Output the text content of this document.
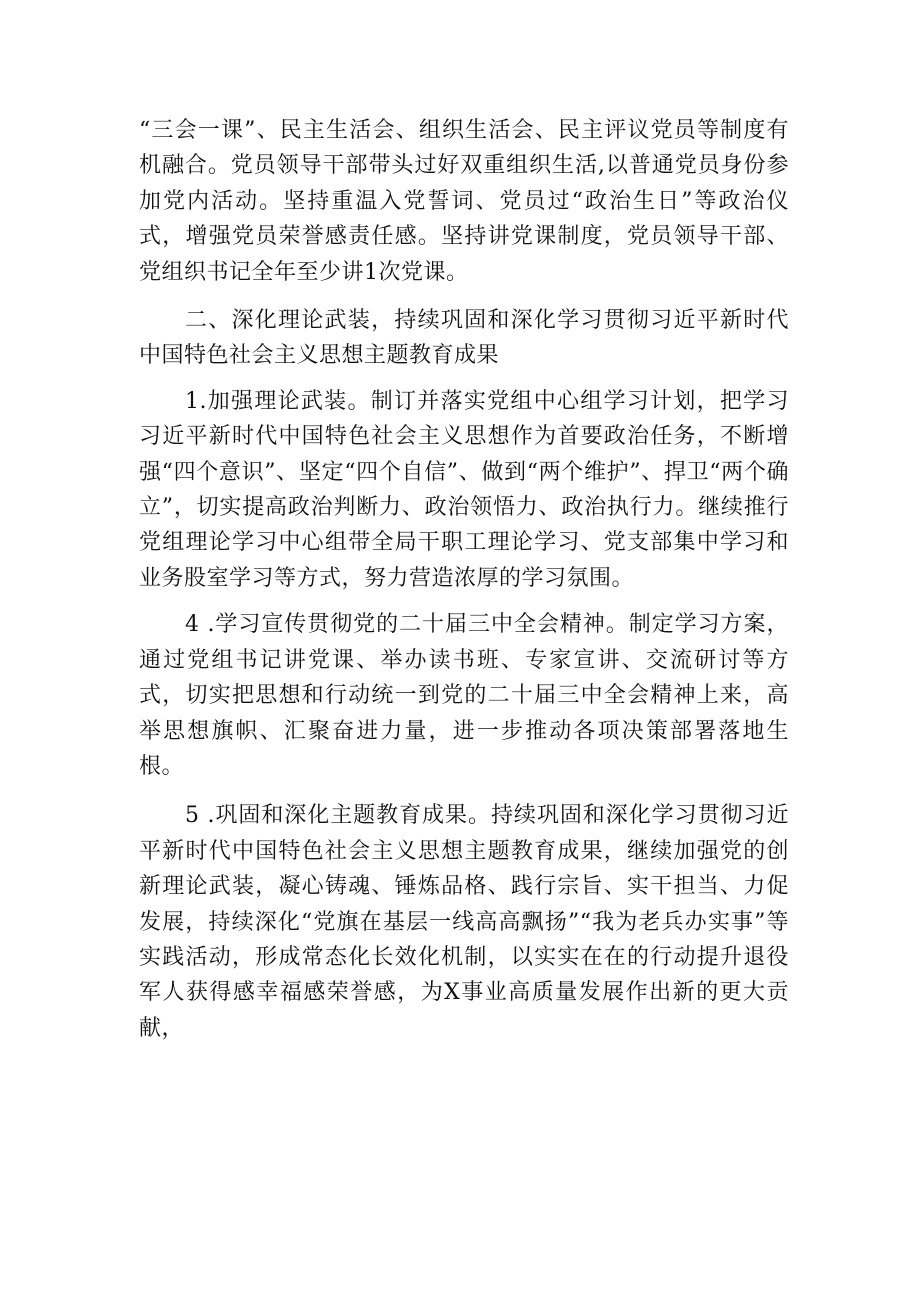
“三会一课”、民主生活会、组织生活会、民主评议党员等制度有机融合。党员领导干部带头过好双重组织生活,以普通党员身份参加党内活动。坚持重温入党誓词、党员过“政治生日”等政治仪式，增强党员荣誉感责任感。坚持讲党课制度，党员领导干部、党组织书记全年至少讲1次党课。

二、深化理论武装，持续巩固和深化学习贯彻习近平新时代中国特色社会主义思想主题教育成果

1.加强理论武装。制订并落实党组中心组学习计划，把学习习近平新时代中国特色社会主义思想作为首要政治任务，不断增强“四个意识”、坚定“四个自信”、做到“两个维护”、捍卫“两个确立”，切实提高政治判断力、政治领悟力、政治执行力。继续推行党组理论学习中心组带全局干职工理论学习、党支部集中学习和业务股室学习等方式，努力营造浓厚的学习氛围。

4 .学习宣传贯彻党的二十届三中全会精神。制定学习方案，通过党组书记讲党课、举办读书班、专家宣讲、交流研讨等方式，切实把思想和行动统一到党的二十届三中全会精神上来，高举思想旗帜、汇聚奋进力量，进一步推动各项决策部署落地生根。

5 .巩固和深化主题教育成果。持续巩固和深化学习贯彻习近平新时代中国特色社会主义思想主题教育成果，继续加强党的创新理论武装，凝心铸魂、锤炼品格、践行宗旨、实干担当、力促发展，持续深化“党旗在基层一线高高飘扬”“我为老兵办实事”等实践活动，形成常态化长效化机制，以实实在在的行动提升退役军人获得感幸福感荣誉感，为X事业高质量发展作出新的更大贡献，
